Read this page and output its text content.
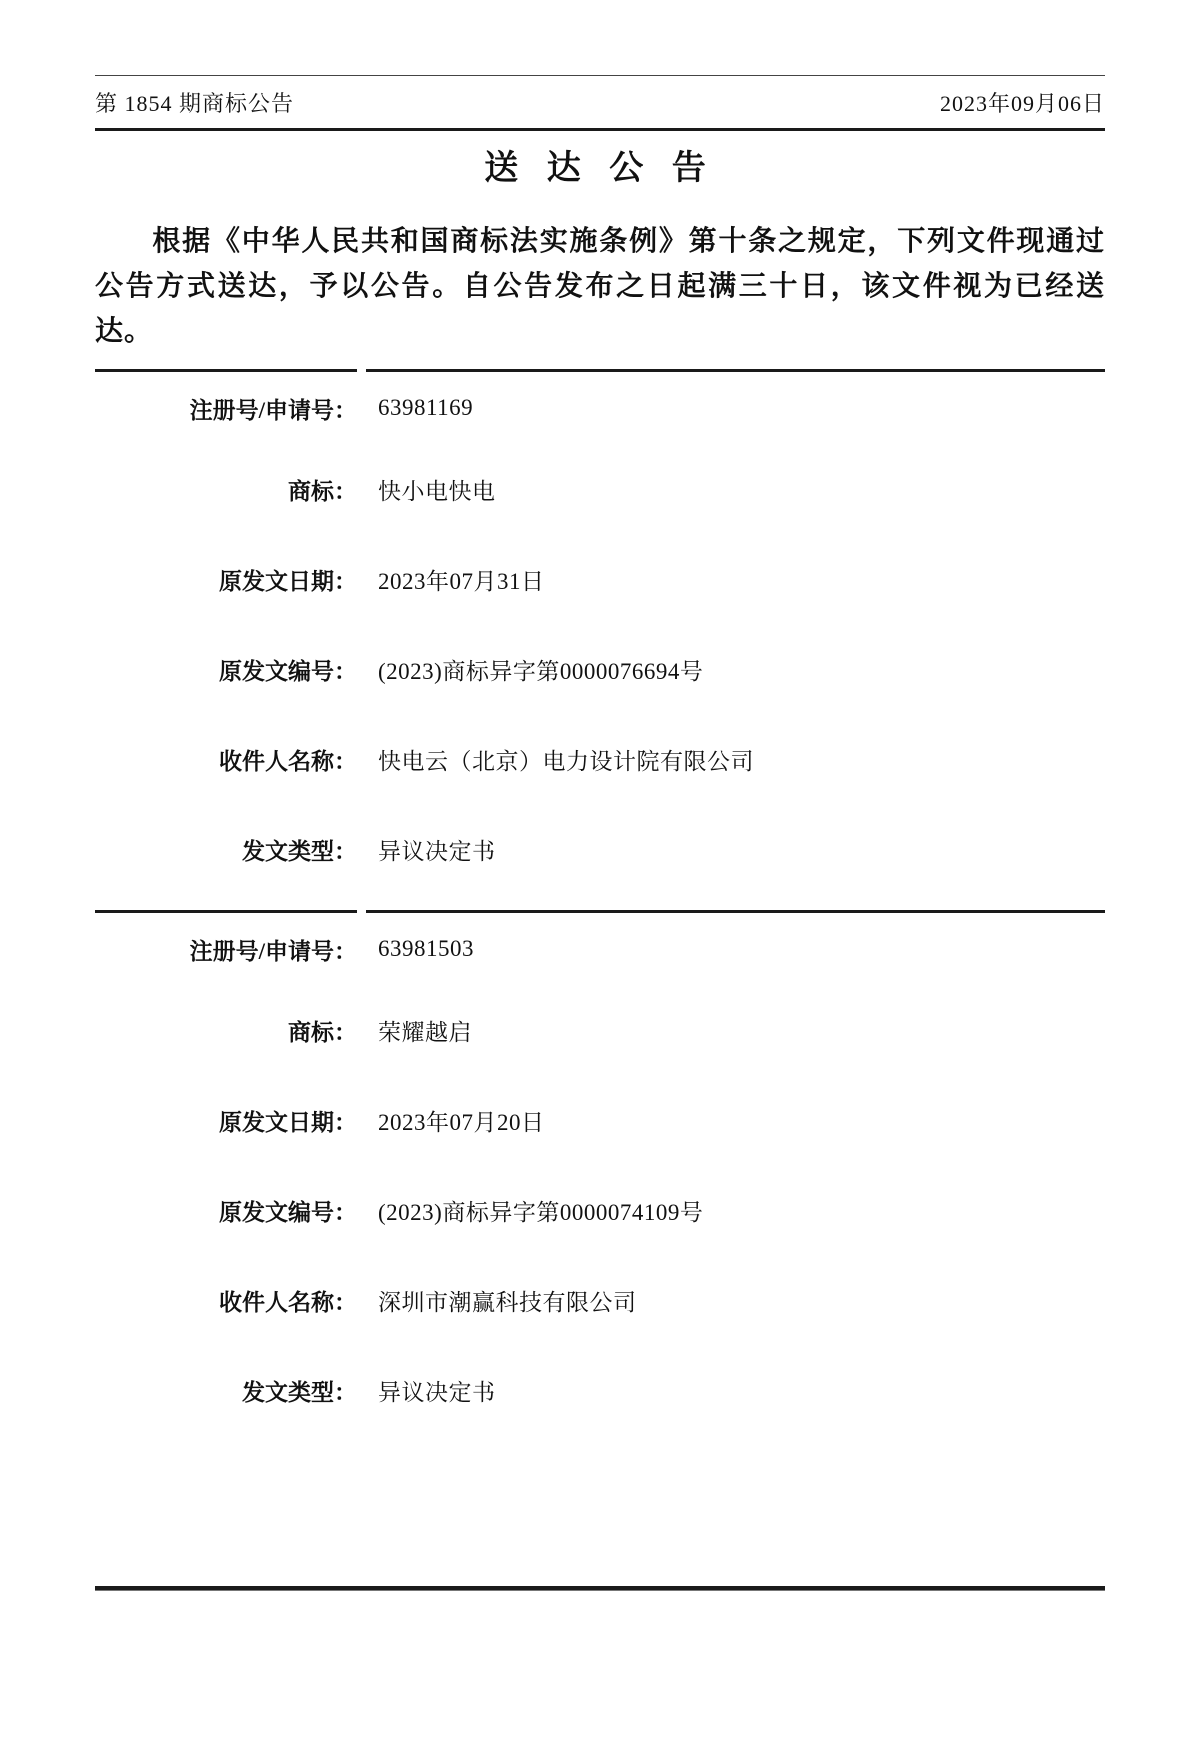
第 1854 期商标公告	2023年09月06日
送 达 公 告
根据《中华人民共和国商标法实施条例》第十条之规定，下列文件现通过公告方式送达，予以公告。自公告发布之日起满三十日，该文件视为已经送达。
注册号/申请号： 63981169
商标： 快小电快电
原发文日期： 2023年07月31日
原发文编号： (2023)商标异字第0000076694号
收件人名称： 快电云（北京）电力设计院有限公司
发文类型： 异议决定书
注册号/申请号： 63981503
商标： 荣耀越启
原发文日期： 2023年07月20日
原发文编号： (2023)商标异字第0000074109号
收件人名称： 深圳市潮赢科技有限公司
发文类型： 异议决定书
